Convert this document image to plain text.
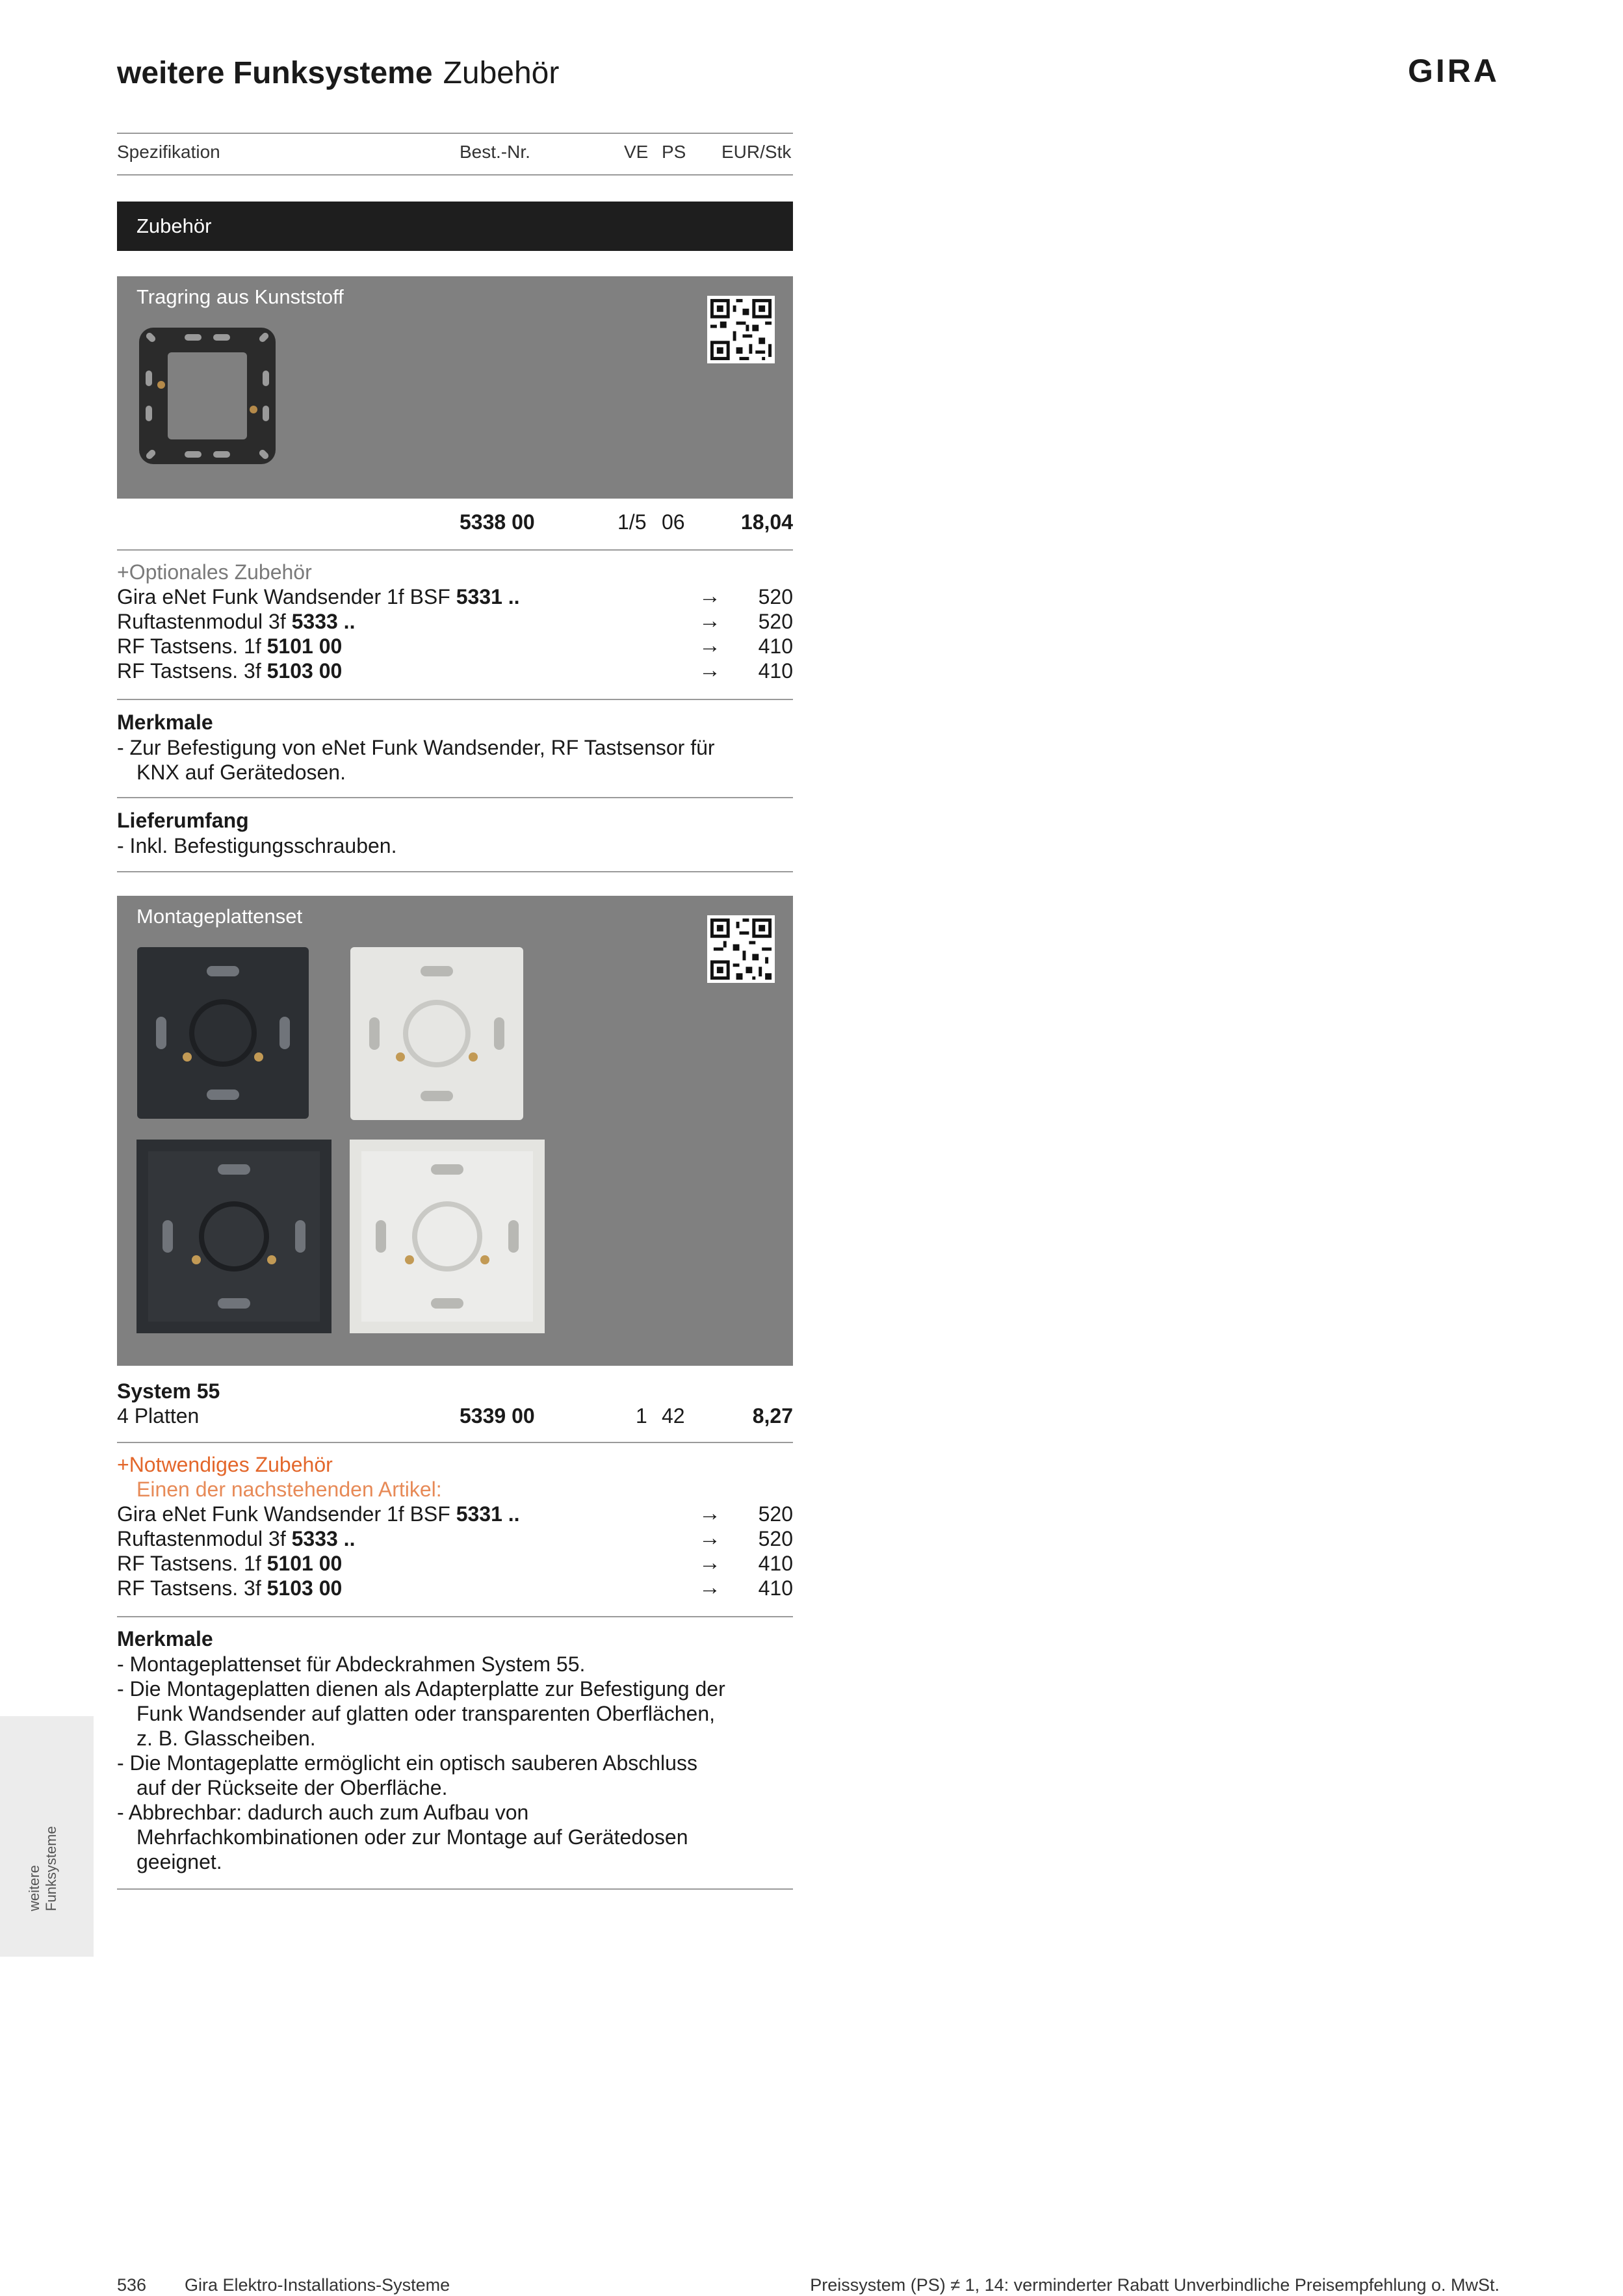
weitere Funksysteme Zubehör	GIRA
Spezifikation	Best.-Nr.	VE PS EUR/Stk
Zubehör
Tragring aus Kunststoff
5338 00	1/5 06	18,04
+Optionales Zubehör
Gira eNet Funk Wandsender 1f BSF 5331 ..	→	520
Ruftastenmodul 3f 5333 ..	→	520
RF Tastsens. 1f 5101 00	→	410
RF Tastsens. 3f 5103 00	→	410
Merkmale
- Zur Befestigung von eNet Funk Wandsender, RF Tastsensor für
KNX auf Gerätedosen.
Lieferumfang
- Inkl. Befestigungsschrauben.
Montageplattenset
System 55
4 Platten	5339 00	1 42	8,27
+Notwendiges Zubehör
Einen der nachstehenden Artikel:
Gira eNet Funk Wandsender 1f BSF 5331 ..	→	520
Ruftastenmodul 3f 5333 ..	→	520
RF Tastsens. 1f 5101 00	→	410
RF Tastsens. 3f 5103 00	→	410
Merkmale
- Montageplattenset für Abdeckrahmen System 55.
- Die Montageplatten dienen als Adapterplatte zur Befestigung der
Funk Wandsender auf glatten oder transparenten Oberflächen,
z. B. Glasscheiben.
- Die Montageplatte ermöglicht ein optisch sauberen Abschluss
auf der Rückseite der Oberfläche.
- Abbrechbar: dadurch auch zum Aufbau von
Mehrfachkombinationen oder zur Montage auf Gerätedosen
geeignet.
weitere Funksysteme
536 Gira Elektro-Installations-Systeme	Preissystem (PS) ≠ 1, 14: verminderter Rabatt Unverbindliche Preisempfehlung o. MwSt.
